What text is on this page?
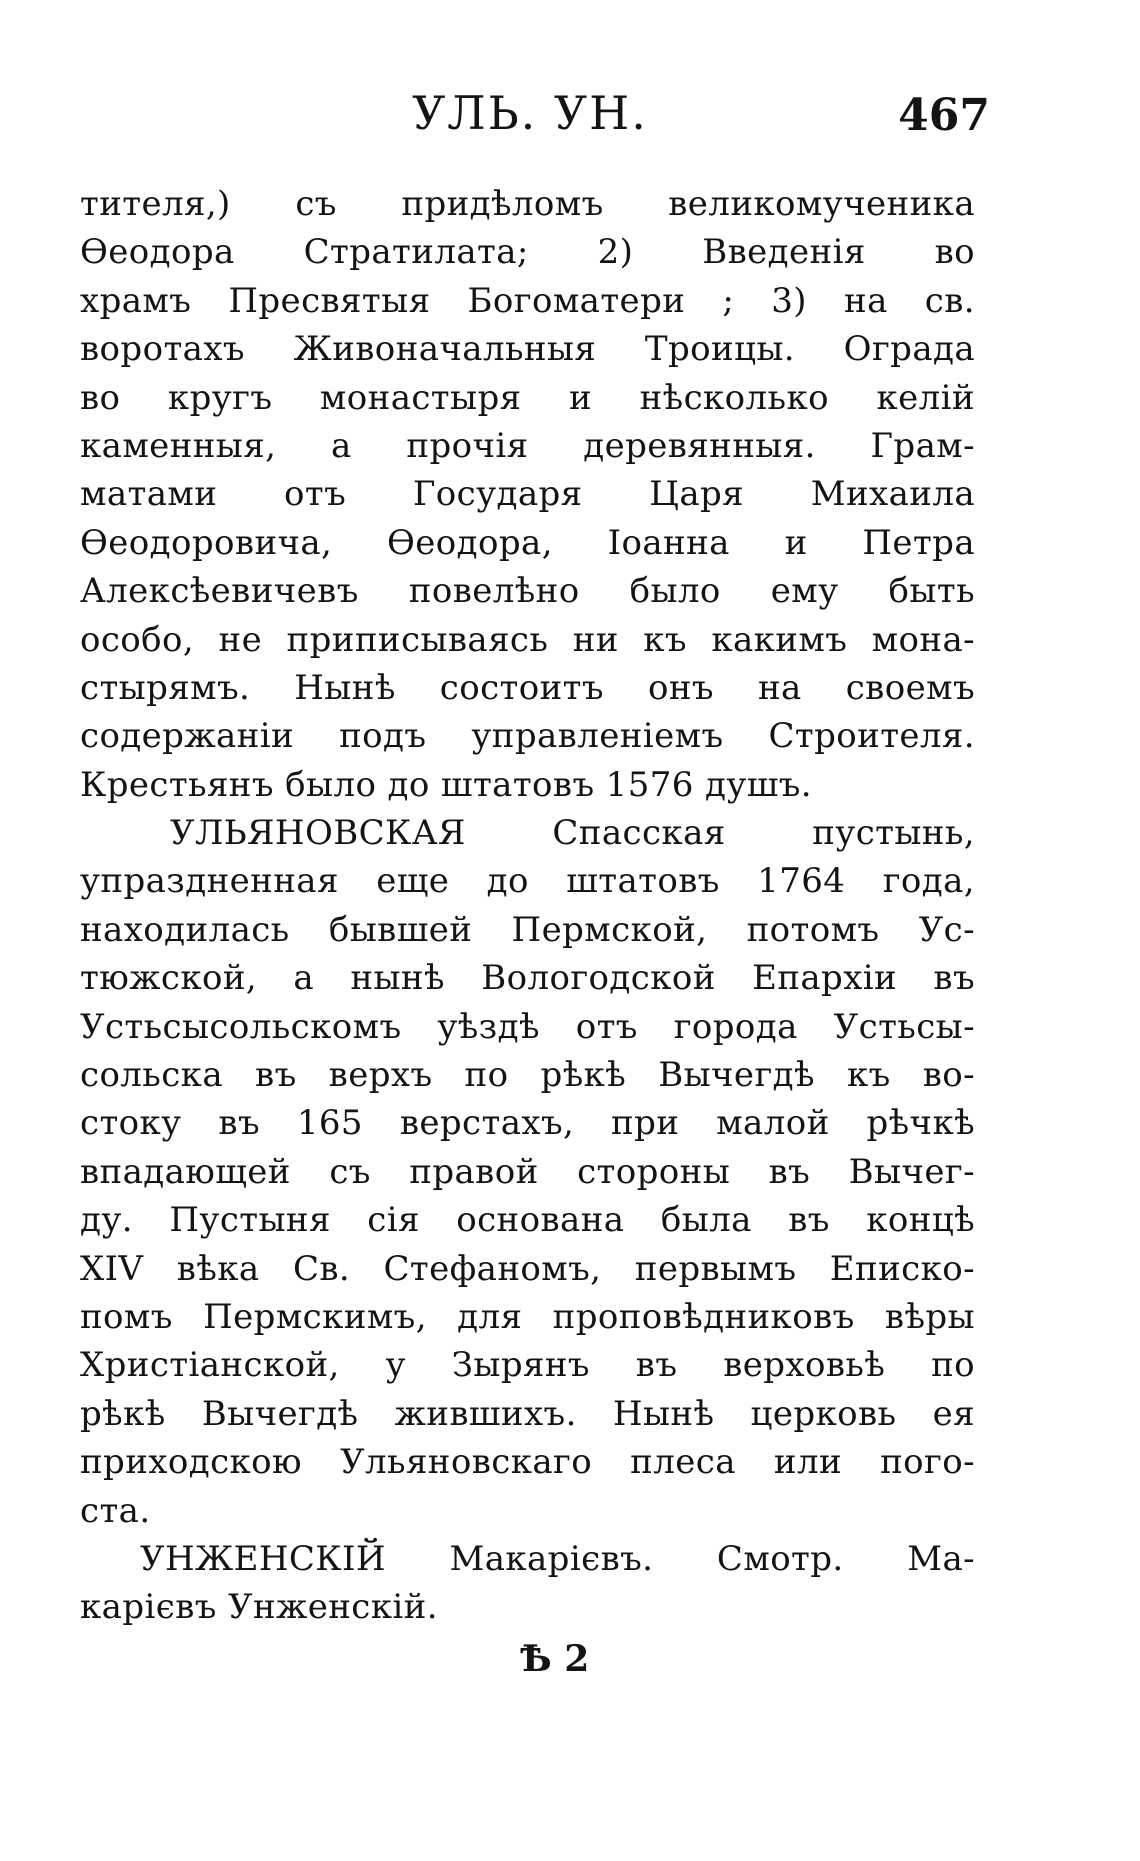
УЛЬ. УН.	467
тителя,) съ придѣломъ великомученика
Ѳеодора Стратилата; 2) Введенія во
храмъ Пресвятыя Богоматери ; 3) на св.
воротахъ Живоначальныя Троицы. Ограда
во кругъ монастыря и нѣсколько келій
каменныя, а прочія деревянныя. Грам-
матами отъ Государя Царя Михаила
Ѳеодоровича, Ѳеодора, Іоанна и Петра
Алексѣевичевъ повелѣно было ему быть
особо, не приписываясь ни къ какимъ мона-
стырямъ. Нынѣ состоитъ онъ на своемъ
содержаніи подъ управленіемъ Строителя.
Крестьянъ было до штатовъ 1576 душъ.
УЛЬЯНОВСКАЯ Спасская пустынь,
упраздненная еще до штатовъ 1764 года,
находилась бывшей Пермской, потомъ Ус-
тюжской, а нынѣ Вологодской Епархіи въ
Устьсысольскомъ уѣздѣ отъ города Устьсы-
сольска въ верхъ по рѣкѣ Вычегдѣ къ во-
стоку въ 165 верстахъ, при малой рѣчкѣ
впадающей съ правой стороны въ Вычег-
ду. Пустыня сія основана была въ концѣ
XIV вѣка Св. Стефаномъ, первымъ Еписко-
помъ Пермскимъ, для проповѣдниковъ вѣры
Христіанской, у Зырянъ въ верховьѣ по
рѣкѣ Вычегдѣ жившихъ. Нынѣ церковь ея
приходскою Ульяновскаго плеса или пого-
ста.
УНЖЕНСКІЙ Макарієвъ. Смотр. Ма-
карієвъ Унженскій.
Ѣ 2
